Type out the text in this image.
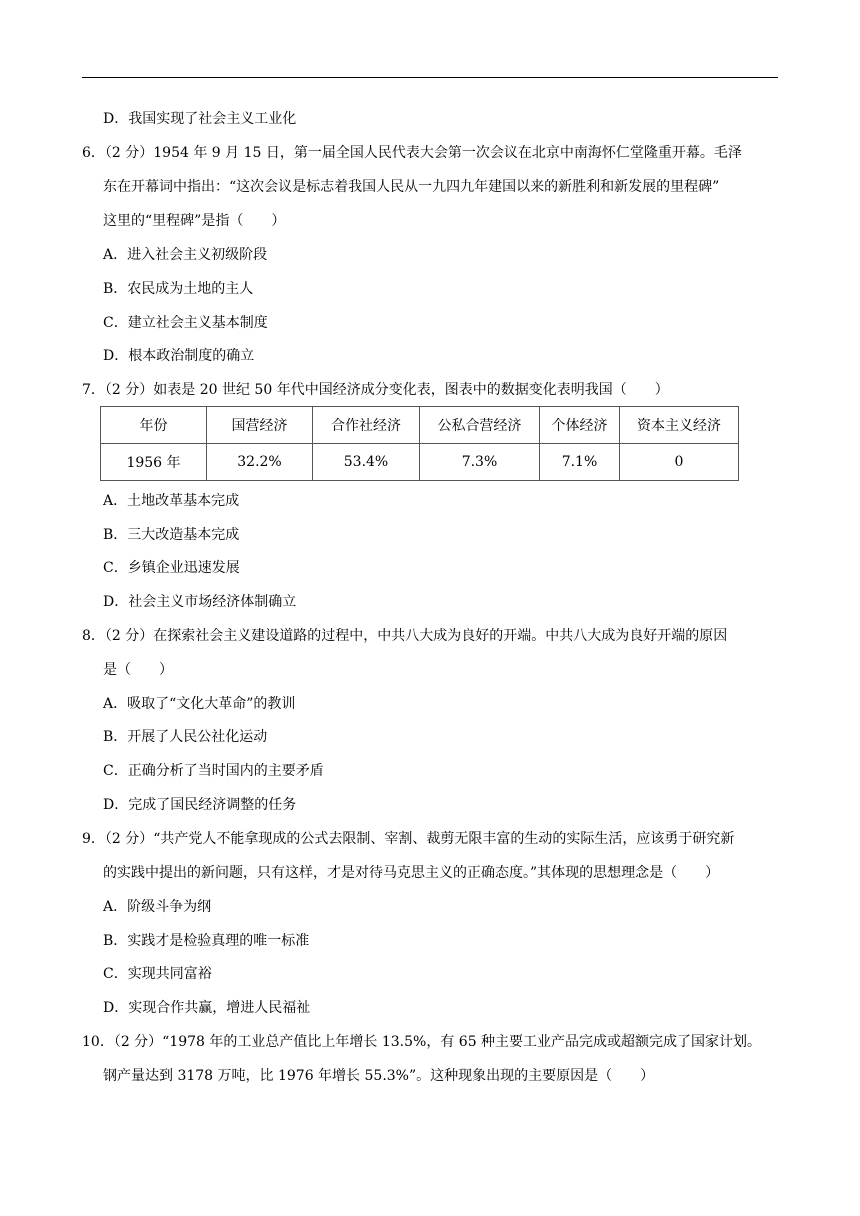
D．我国实现了社会主义工业化
6．（2 分）1954 年 9 月 15 日，第一届全国人民代表大会第一次会议在北京中南海怀仁堂隆重开幕。毛泽
东在开幕词中指出：“这次会议是标志着我国人民从一九四九年建国以来的新胜利和新发展的里程碑”
这里的“里程碑”是指（　　）
A．进入社会主义初级阶段
B．农民成为土地的主人
C．建立社会主义基本制度
D．根本政治制度的确立
7．（2 分）如表是 20 世纪 50 年代中国经济成分变化表，图表中的数据变化表明我国（　　）
年份	国营经济	合作社经济	公私合营经济	个体经济	资本主义经济
1956 年	32.2%	53.4%	7.3%	7.1%	0
A．土地改革基本完成
B．三大改造基本完成
C．乡镇企业迅速发展
D．社会主义市场经济体制确立
8．（2 分）在探索社会主义建设道路的过程中，中共八大成为良好的开端。中共八大成为良好开端的原因
是（　　）
A．吸取了“文化大革命”的教训
B．开展了人民公社化运动
C．正确分析了当时国内的主要矛盾
D．完成了国民经济调整的任务
9．（2 分）“共产党人不能拿现成的公式去限制、宰割、裁剪无限丰富的生动的实际生活，应该勇于研究新
的实践中提出的新问题，只有这样，才是对待马克思主义的正确态度。”其体现的思想理念是（　　）
A．阶级斗争为纲
B．实践才是检验真理的唯一标准
C．实现共同富裕
D．实现合作共赢，增进人民福祉
10．（2 分）“1978 年的工业总产值比上年增长 13.5%，有 65 种主要工业产品完成或超额完成了国家计划。
钢产量达到 3178 万吨，比 1976 年增长 55.3%”。这种现象出现的主要原因是（　　）
